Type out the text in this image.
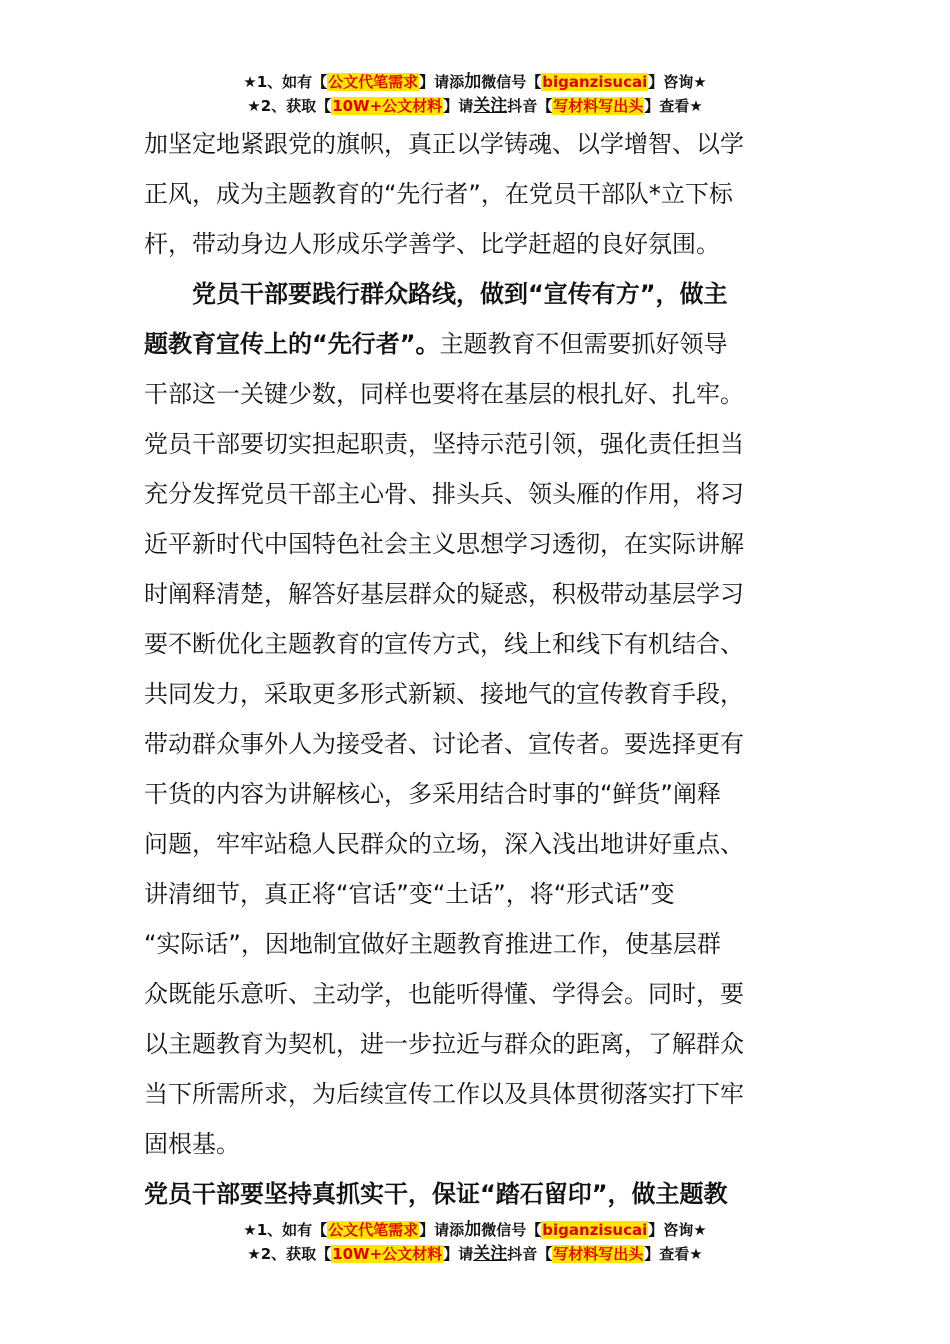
★1、如有【公文代笔需求】请添加微信号【biganzisucai】咨询★
★2、获取【10W+公文材料】请关注抖音【写材料写出头】查看★
加坚定地紧跟党的旗帜，真正以学铸魂、以学增智、以学
正风，成为主题教育的“先行者”，在党员干部队*立下标
杆，带动身边人形成乐学善学、比学赶超的良好氛围。
党员干部要践行群众路线，做到“宣传有方”，做主
题教育宣传上的“先行者”。主题教育不但需要抓好领导
干部这一关键少数，同样也要将在基层的根扎好、扎牢。
党员干部要切实担起职责，坚持示范引领，强化责任担当
充分发挥党员干部主心骨、排头兵、领头雁的作用，将习
近平新时代中国特色社会主义思想学习透彻，在实际讲解
时阐释清楚，解答好基层群众的疑惑，积极带动基层学习
要不断优化主题教育的宣传方式，线上和线下有机结合、
共同发力，采取更多形式新颖、接地气的宣传教育手段，
带动群众事外人为接受者、讨论者、宣传者。要选择更有
干货的内容为讲解核心，多采用结合时事的“鲜货”阐释
问题，牢牢站稳人民群众的立场，深入浅出地讲好重点、
讲清细节，真正将“官话”变“土话”，将“形式话”变
“实际话”，因地制宜做好主题教育推进工作，使基层群
众既能乐意听、主动学，也能听得懂、学得会。同时，要
以主题教育为契机，进一步拉近与群众的距离，了解群众
当下所需所求，为后续宣传工作以及具体贯彻落实打下牢
固根基。
党员干部要坚持真抓实干，保证“踏石留印”，做主题教
★1、如有【公文代笔需求】请添加微信号【biganzisucai】咨询★
★2、获取【10W+公文材料】请关注抖音【写材料写出头】查看★
